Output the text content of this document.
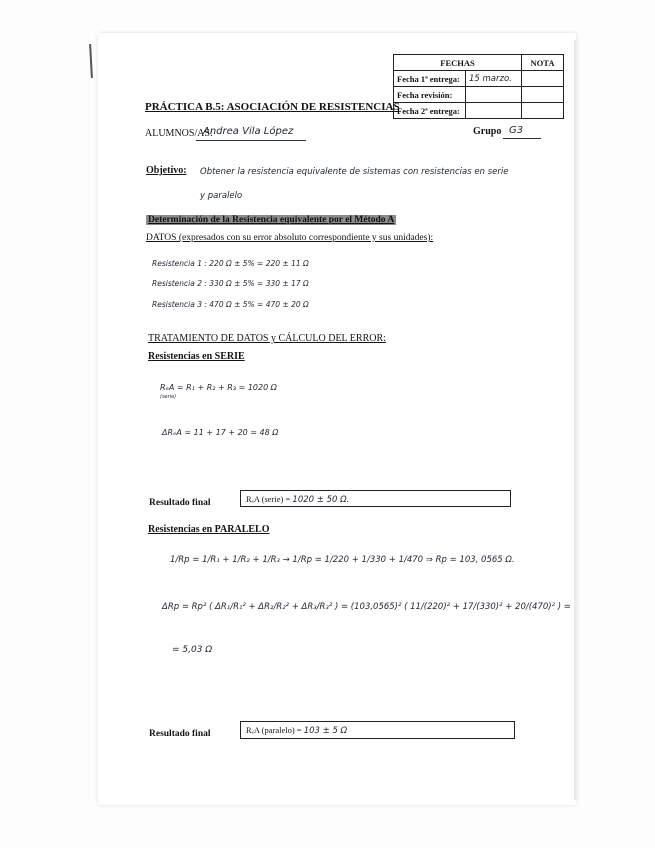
FECHAS		NOTA
Fecha 1ª entrega:	15 marzo.	
Fecha revisión:		
Fecha 2ª entrega:		
PRÁCTICA B.5: ASOCIACIÓN DE RESISTENCIAS
ALUMNOS/AS:
Andrea Vila López	Grupo G3
Objetivo: Obtener la resistencia equivalente de sistemas con resistencias en serie
y paralelo
Determinación de la Resistencia equivalente por el Método A
DATOS (expresados con su error absoluto correspondiente y sus unidades):
Resistencia 1 : 220 Ω ± 5% = 220 ± 11 Ω
Resistencia 2 : 330 Ω ± 5% = 330 ± 17 Ω
Resistencia 3 : 470 Ω ± 5% = 470 ± 20 Ω
TRATAMIENTO DE DATOS y CÁLCULO DEL ERROR:
Resistencias en SERIE
RₑA = R₁ + R₂ + R₃ = 1020 Ω
(serie)
ΔRₑA = 11 + 17 + 20 = 48 Ω
Resultado final	RₑA (serie) = 1020 ± 50 Ω.
Resistencias en PARALELO
1/Rp = 1/R₁ + 1/R₂ + 1/R₃ → 1/Rp = 1/220 + 1/330 + 1/470 ⇒ Rp = 103, 0565 Ω.
ΔRp = Rp² ( ΔR₁/R₁² + ΔR₂/R₂² + ΔR₃/R₃² ) = (103,0565)² ( 11/(220)² + 17/(330)² + 20/(470)² ) =
= 5,03 Ω
Resultado final	RₑA (paralelo) = 103 ± 5 Ω
